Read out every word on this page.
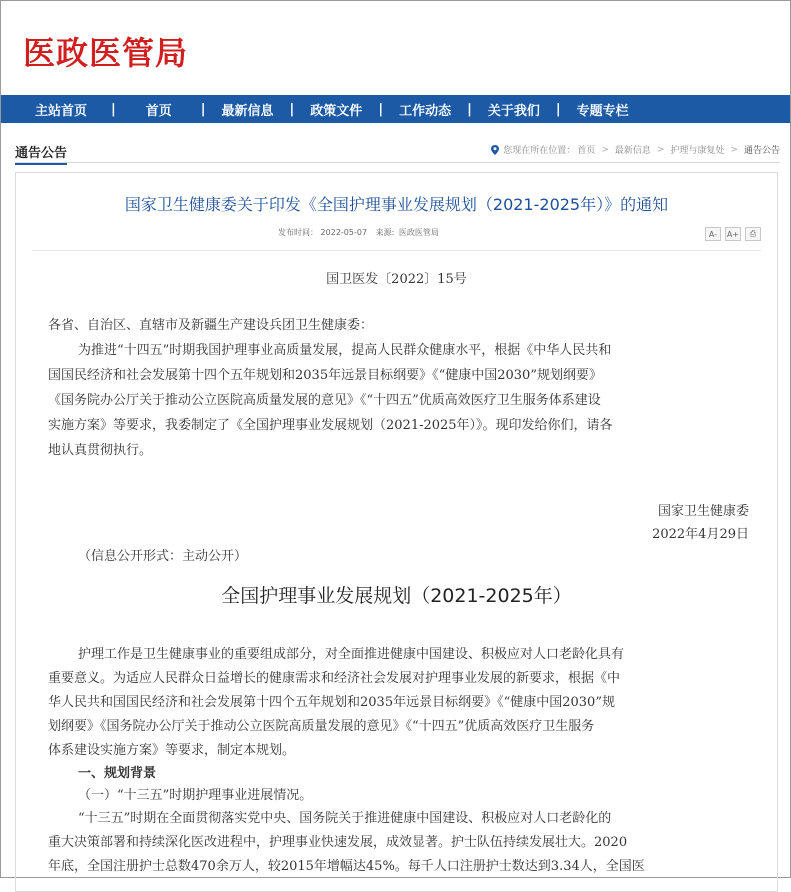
医政医管局
主站首页 | 首页 | 最新信息 | 政策文件 | 工作动态 | 关于我们 | 专题专栏
通告公告	您现在所在位置： 首页 > 最新信息 > 护理与康复处 > 通告公告
国家卫生健康委关于印发《全国护理事业发展规划（2021-2025年）》的通知
发布时间： 2022-05-07 来源: 医政医管局	A-	A+	⎙
国卫医发〔2022〕15号
各省、自治区、直辖市及新疆生产建设兵团卫生健康委：
为推进“十四五”时期我国护理事业高质量发展，提高人民群众健康水平，根据《中华人民共和
国国民经济和社会发展第十四个五年规划和2035年远景目标纲要》《“健康中国2030”规划纲要》
《国务院办公厅关于推动公立医院高质量发展的意见》《“十四五”优质高效医疗卫生服务体系建设
实施方案》等要求，我委制定了《全国护理事业发展规划（2021-2025年）》。现印发给你们，请各
地认真贯彻执行。
国家卫生健康委
2022年4月29日
（信息公开形式：主动公开）
全国护理事业发展规划（2021-2025年）
护理工作是卫生健康事业的重要组成部分，对全面推进健康中国建设、积极应对人口老龄化具有
重要意义。为适应人民群众日益增长的健康需求和经济社会发展对护理事业发展的新要求，根据《中
华人民共和国国民经济和社会发展第十四个五年规划和2035年远景目标纲要》《“健康中国2030”规
划纲要》《国务院办公厅关于推动公立医院高质量发展的意见》《“十四五”优质高效医疗卫生服务
体系建设实施方案》等要求，制定本规划。
一、规划背景
（一）“十三五”时期护理事业进展情况。
“十三五”时期在全面贯彻落实党中央、国务院关于推进健康中国建设、积极应对人口老龄化的
重大决策部署和持续深化医改进程中，护理事业快速发展，成效显著。护士队伍持续发展壮大。2020
年底，全国注册护士总数470余万人，较2015年增幅达45%。每千人口注册护士数达到3.34人，全国医
